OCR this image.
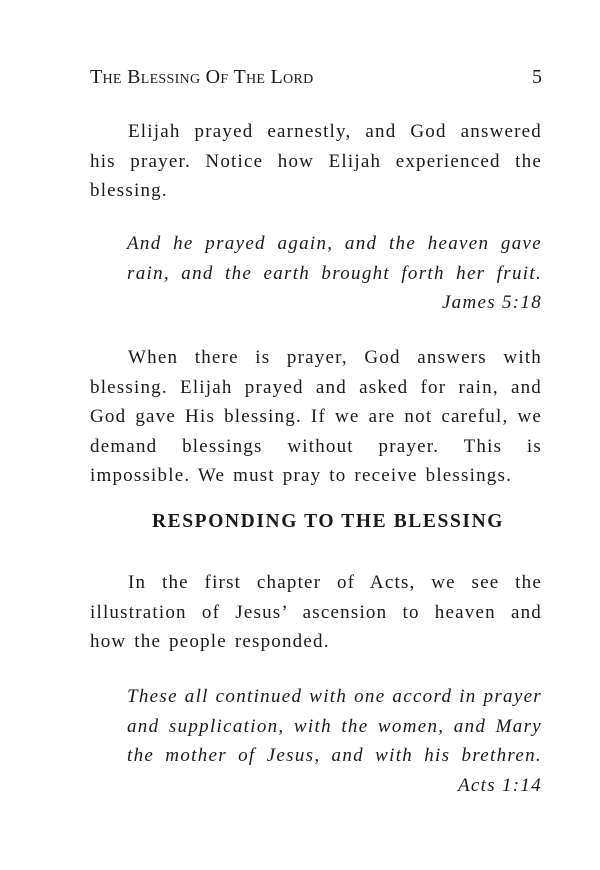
The Blessing Of The Lord	5

Elijah prayed earnestly, and God answered his prayer. Notice how Elijah experienced the blessing.

And he prayed again, and the heaven gave rain, and the earth brought forth her fruit.
James 5:18

When there is prayer, God answers with blessing. Elijah prayed and asked for rain, and God gave His blessing. If we are not careful, we demand blessings without prayer. This is impossible. We must pray to receive blessings.

RESPONDING TO THE BLESSING

In the first chapter of Acts, we see the illustration of Jesus’ ascension to heaven and how the people responded.

These all continued with one accord in prayer and supplication, with the women, and Mary the mother of Jesus, and with his brethren.
Acts 1:14
